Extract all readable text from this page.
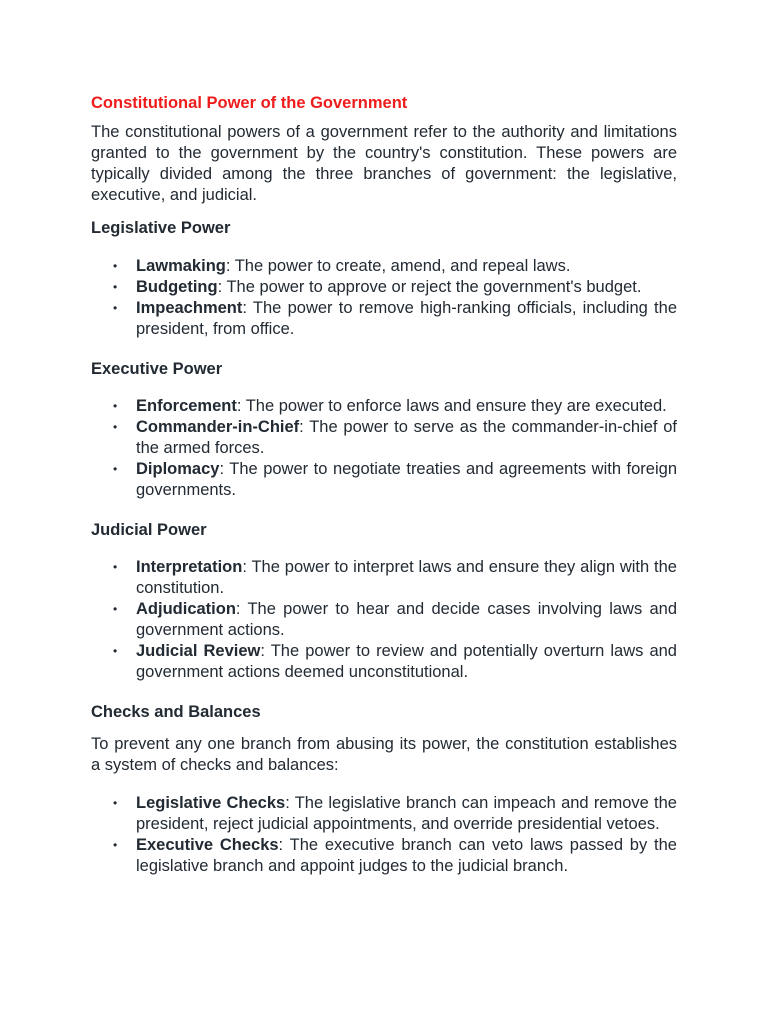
Constitutional Power of the Government

The constitutional powers of a government refer to the authority and limitations granted to the government by the country's constitution. These powers are typically divided among the three branches of government: the legislative, executive, and judicial.

Legislative Power
• Lawmaking: The power to create, amend, and repeal laws.
• Budgeting: The power to approve or reject the government's budget.
• Impeachment: The power to remove high-ranking officials, including the president, from office.
Executive Power
• Enforcement: The power to enforce laws and ensure they are executed.
• Commander-in-Chief: The power to serve as the commander-in-chief of the armed forces.
• Diplomacy: The power to negotiate treaties and agreements with foreign governments.
Judicial Power
• Interpretation: The power to interpret laws and ensure they align with the constitution.
• Adjudication: The power to hear and decide cases involving laws and government actions.
• Judicial Review: The power to review and potentially overturn laws and government actions deemed unconstitutional.
Checks and Balances

To prevent any one branch from abusing its power, the constitution establishes a system of checks and balances:

• Legislative Checks: The legislative branch can impeach and remove the president, reject judicial appointments, and override presidential vetoes.
• Executive Checks: The executive branch can veto laws passed by the legislative branch and appoint judges to the judicial branch.
